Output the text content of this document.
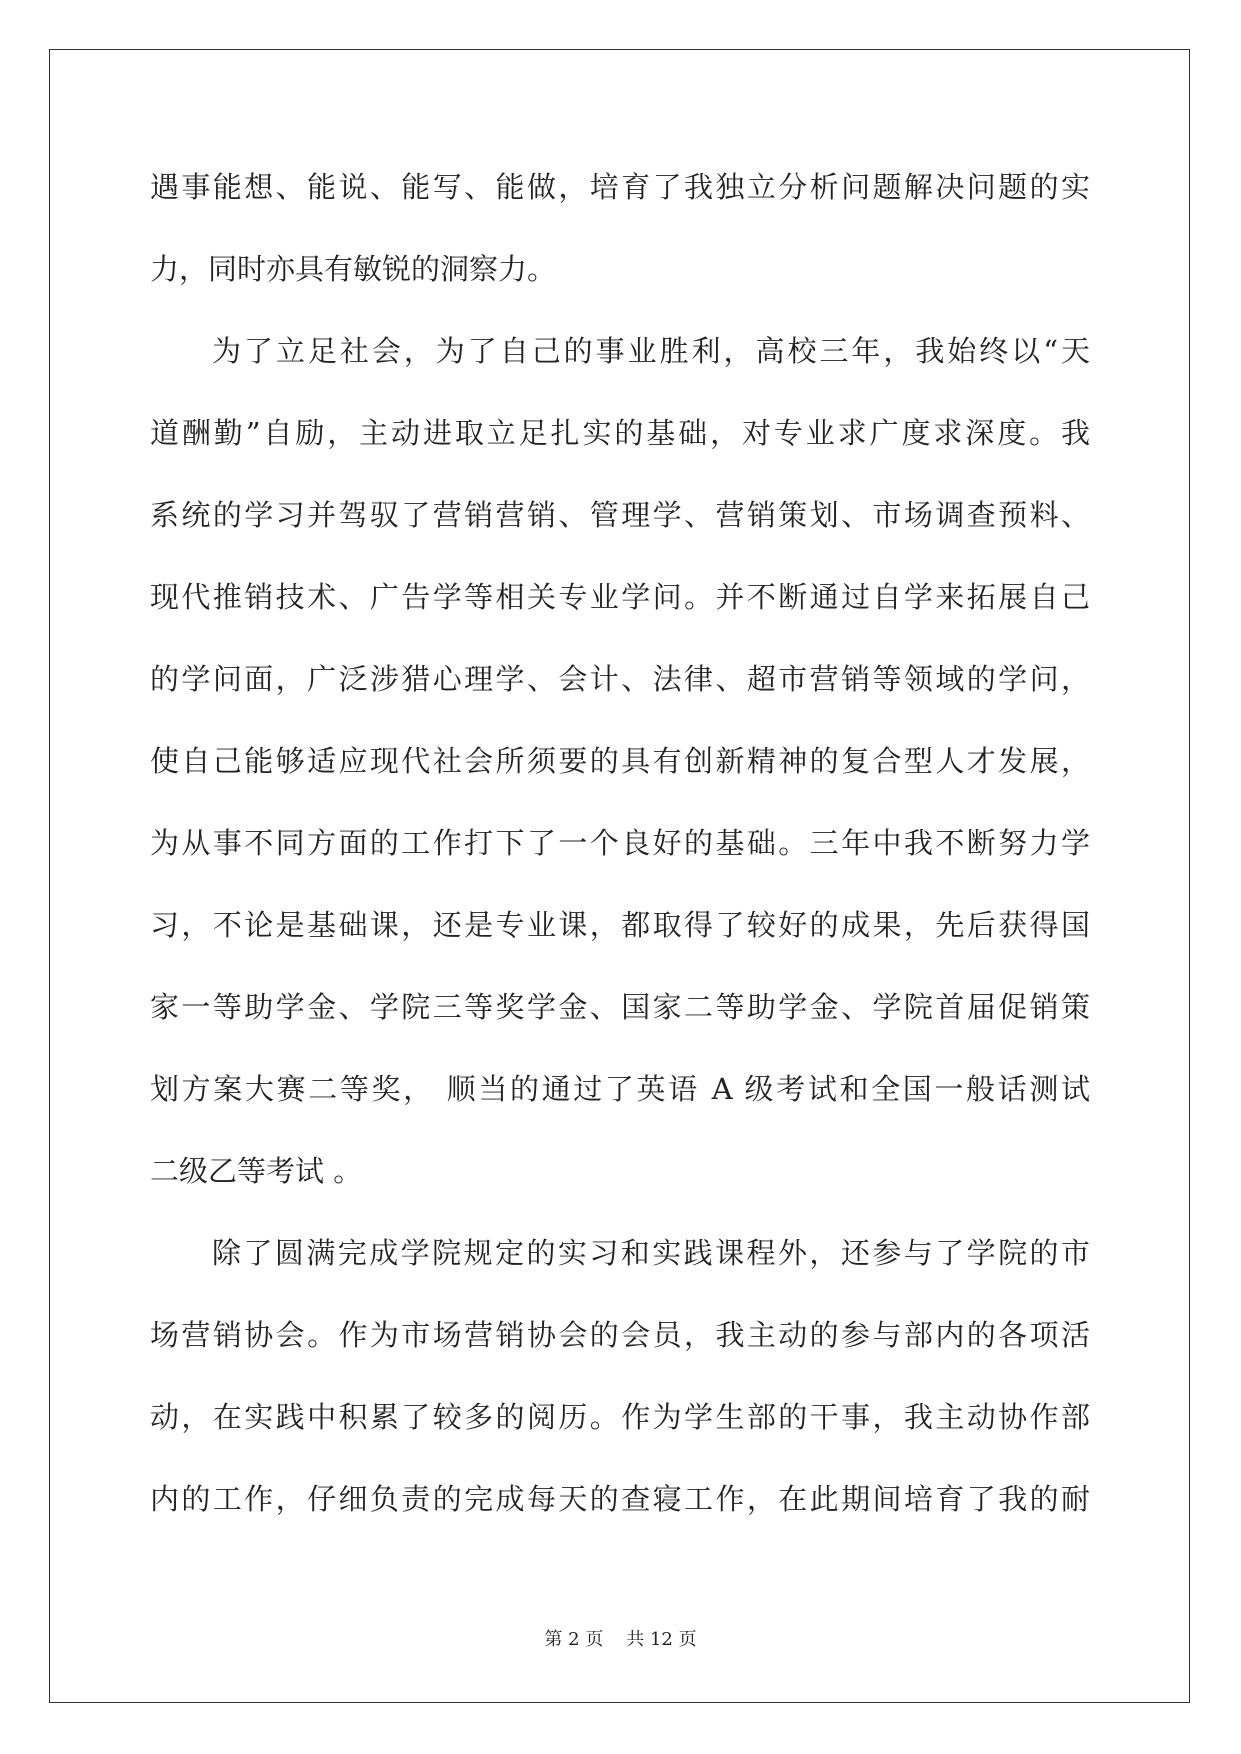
遇事能想、能说、能写、能做，培育了我独立分析问题解决问题的实
力，同时亦具有敏锐的洞察力。
为了立足社会，为了自己的事业胜利，高校三年，我始终以“天
道酬勤”自励，主动进取立足扎实的基础，对专业求广度求深度。我
系统的学习并驾驭了营销营销、管理学、营销策划、市场调查预料、
现代推销技术、广告学等相关专业学问。并不断通过自学来拓展自己
的学问面，广泛涉猎心理学、会计、法律、超市营销等领域的学问，
使自己能够适应现代社会所须要的具有创新精神的复合型人才发展，
为从事不同方面的工作打下了一个良好的基础。三年中我不断努力学
习，不论是基础课，还是专业课，都取得了较好的成果，先后获得国
家一等助学金、学院三等奖学金、国家二等助学金、学院首届促销策
划方案大赛二等奖， 顺当的通过了英语 A 级考试和全国一般话测试
二级乙等考试 。
除了圆满完成学院规定的实习和实践课程外，还参与了学院的市
场营销协会。作为市场营销协会的会员，我主动的参与部内的各项活
动，在实践中积累了较多的阅历。作为学生部的干事，我主动协作部
内的工作，仔细负责的完成每天的查寝工作，在此期间培育了我的耐
第 2 页 共 12 页
